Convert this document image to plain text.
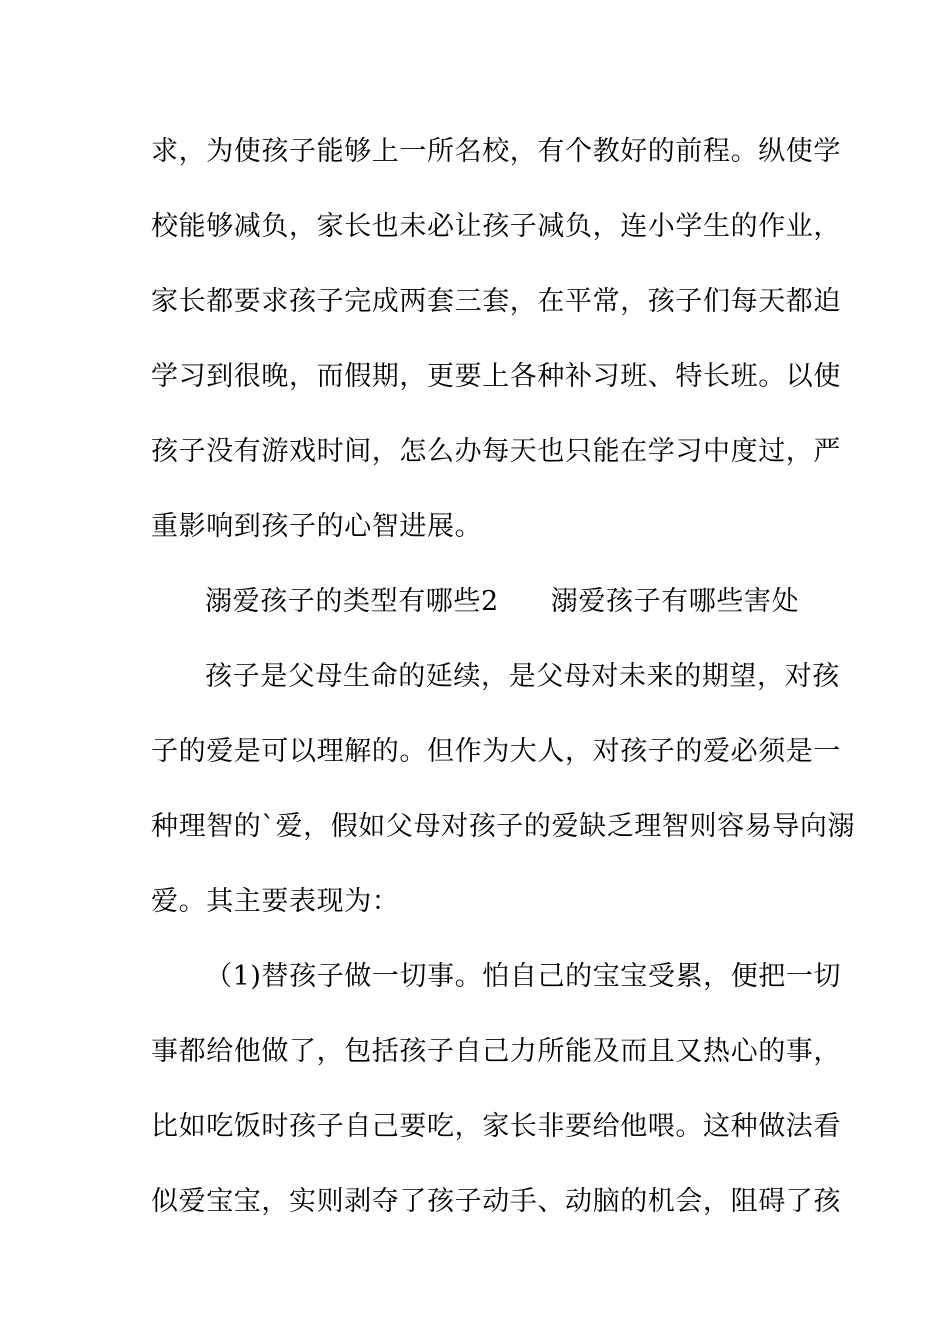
求，为使孩子能够上一所名校，有个教好的前程。纵使学
校能够减负，家长也未必让孩子减负，连小学生的作业，
家长都要求孩子完成两套三套，在平常，孩子们每天都迫
学习到很晚，而假期，更要上各种补习班、特长班。以使
孩子没有游戏时间，怎么办每天也只能在学习中度过，严
重影响到孩子的心智进展。
溺爱孩子的类型有哪些2 溺爱孩子有哪些害处
孩子是父母生命的延续，是父母对未来的期望，对孩
子的爱是可以理解的。但作为大人，对孩子的爱必须是一
种理智的`爱，假如父母对孩子的爱缺乏理智则容易导向溺
爱。其主要表现为：
（1)替孩子做一切事。怕自己的宝宝受累，便把一切
事都给他做了，包括孩子自己力所能及而且又热心的事，
比如吃饭时孩子自己要吃，家长非要给他喂。这种做法看
似爱宝宝，实则剥夺了孩子动手、动脑的机会，阻碍了孩
